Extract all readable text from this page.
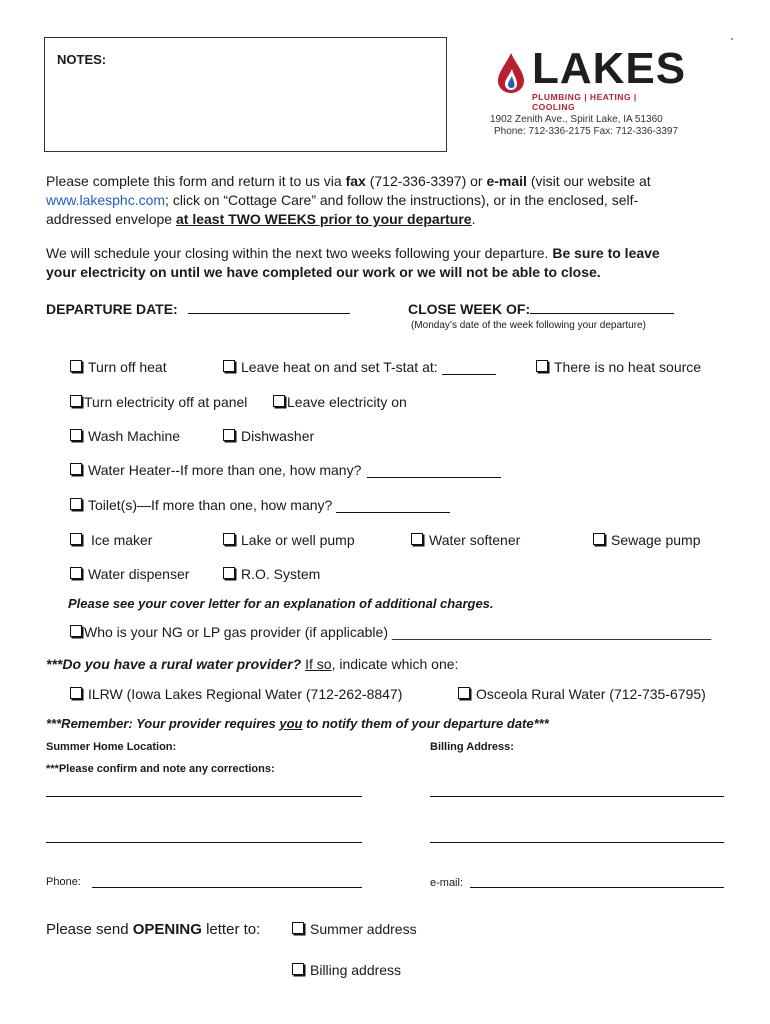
NOTES:	LAKES
PLUMBING | HEATING | COOLING
1902 Zenith Ave., Spirit Lake, IA 51360
Phone: 712-336-2175 Fax: 712-336-3397
Please complete this form and return it to us via fax (712-336-3397) or e-mail (visit our website at
www.lakesphc.com; click on “Cottage Care” and follow the instructions), or in the enclosed, self-
addressed envelope at least TWO WEEKS prior to your departure.
We will schedule your closing within the next two weeks following your departure. Be sure to leave
your electricity on until we have completed our work or we will not be able to close.
DEPARTURE DATE:	CLOSE WEEK OF:
(Monday’s date of the week following your departure)
Turn off heat	Leave heat on and set T-stat at:	There is no heat source
Turn electricity off at panel	Leave electricity on
Wash Machine	Dishwasher
Water Heater--If more than one, how many?
Toilet(s)—If more than one, how many?
Ice maker	Lake or well pump	Water softener	Sewage pump
Water dispenser	R.O. System
Please see your cover letter for an explanation of additional charges.
Who is your NG or LP gas provider (if applicable) _________________________________________
***Do you have a rural water provider? If so, indicate which one:
ILRW (Iowa Lakes Regional Water (712-262-8847)	Osceola Rural Water (712-735-6795)
***Remember: Your provider requires you to notify them of your departure date***
Summer Home Location:	Billing Address:
***Please confirm and note any corrections:
Phone:	e-mail:
Please send OPENING letter to:	Summer address
Billing address
